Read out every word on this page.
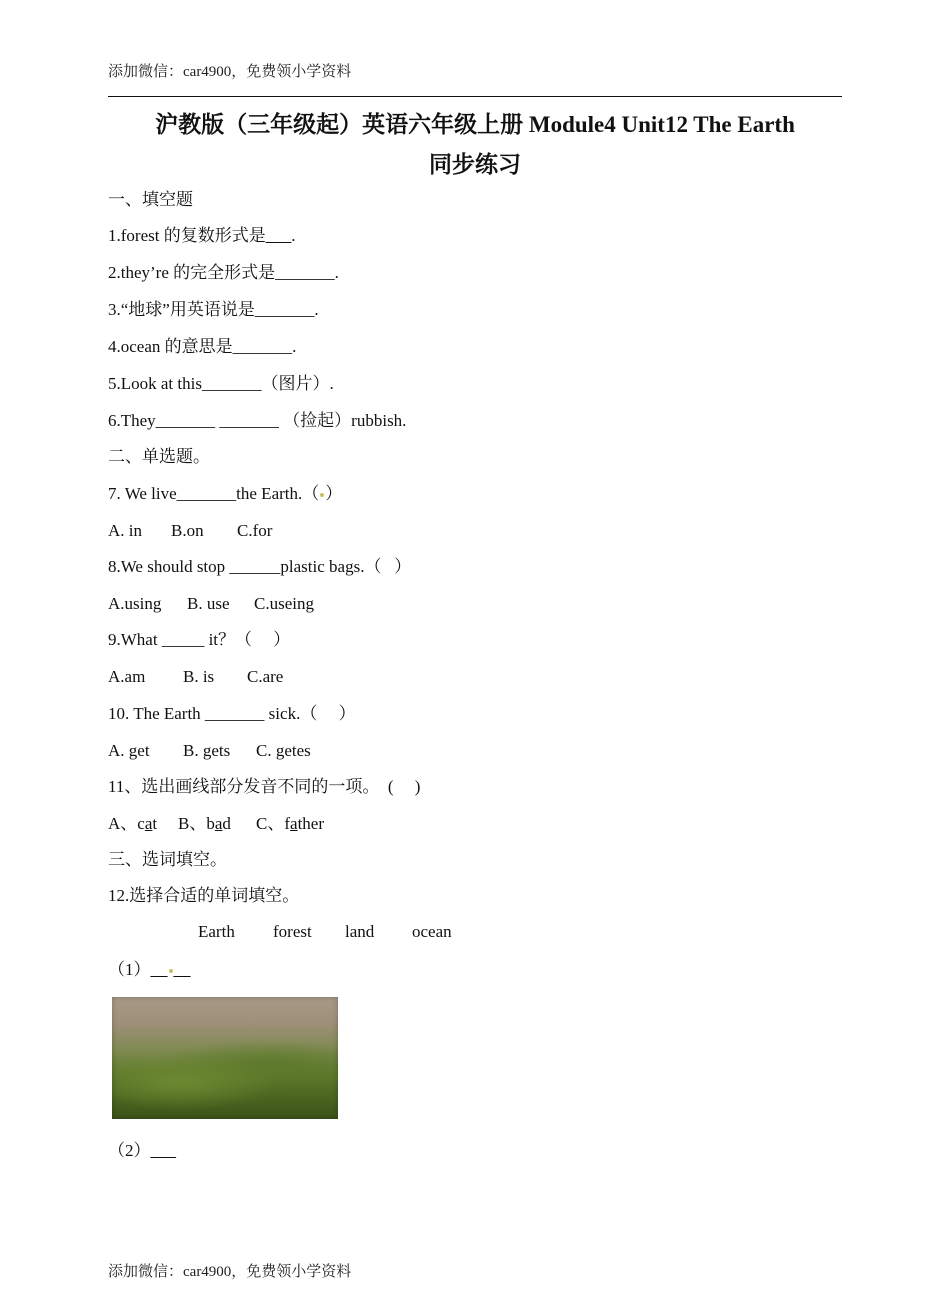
添加微信：car4900，免费领小学资料
沪教版（三年级起）英语六年级上册 Module4 Unit12 The Earth
同步练习
一、填空题
1.forest 的复数形式是___.
2.they’re 的完全形式是_______.
3.“地球”用英语说是_______.
4.ocean 的意思是_______.
5.Look at this_______（图片）.
6.They_______ _______ （捡起）rubbish.
二、单选题。
7. We live_______the Earth.（ ）
A. in B.on C.for
8.We should stop ______plastic bags.（   ）
A.using B. use C.useing
9.What _____ it？（     ）
A.am B. is C.are
10. The Earth _______ sick.（     ）
A. get B. gets C. getes
11、选出画线部分发音不同的一项。  (     )
A、cat B、bad C、father
三、选词填空。
12.选择合适的单词填空。
Earth forest land ocean
（1）__ __
（2）___
添加微信：car4900，免费领小学资料
